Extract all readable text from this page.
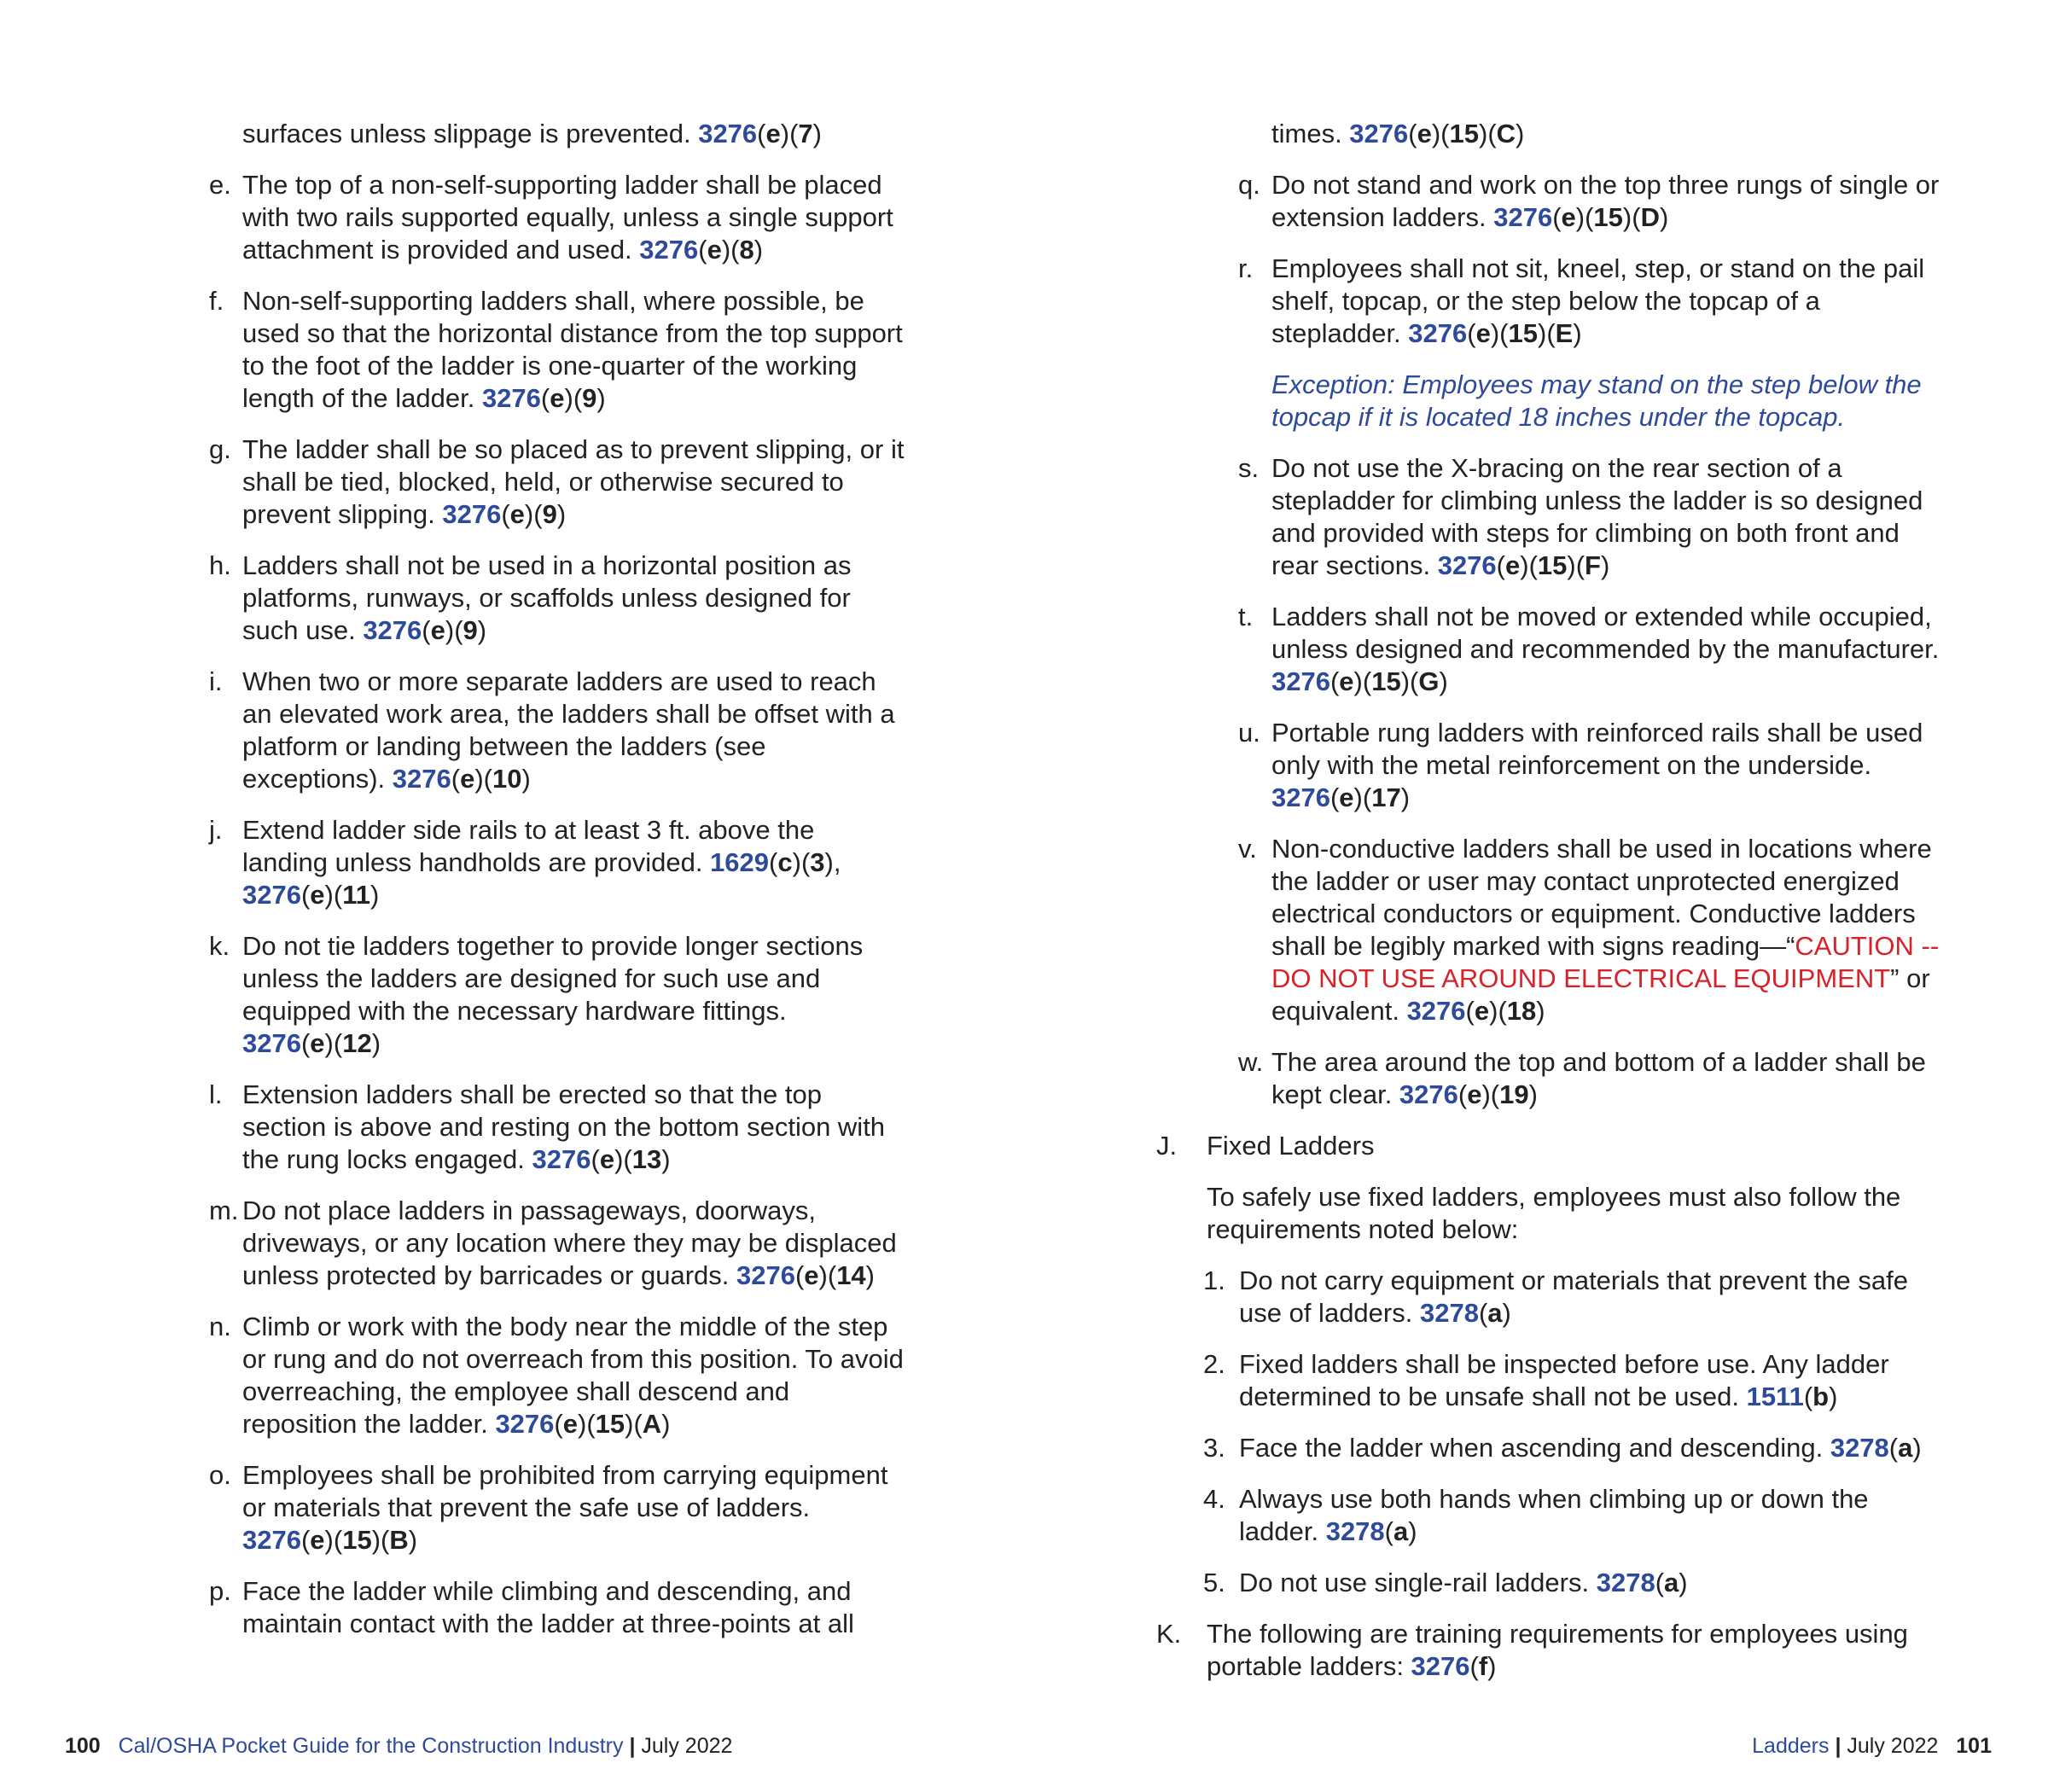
surfaces unless slippage is prevented. 3276(e)(7)
e. The top of a non-self-supporting ladder shall be placed with two rails supported equally, unless a single support attachment is provided and used. 3276(e)(8)
f. Non-self-supporting ladders shall, where possible, be used so that the horizontal distance from the top support to the foot of the ladder is one-quarter of the working length of the ladder. 3276(e)(9)
g. The ladder shall be so placed as to prevent slipping, or it shall be tied, blocked, held, or otherwise secured to prevent slipping. 3276(e)(9)
h. Ladders shall not be used in a horizontal position as platforms, runways, or scaffolds unless designed for such use. 3276(e)(9)
i. When two or more separate ladders are used to reach an elevated work area, the ladders shall be offset with a platform or landing between the ladders (see exceptions). 3276(e)(10)
j. Extend ladder side rails to at least 3 ft. above the landing unless handholds are provided. 1629(c)(3), 3276(e)(11)
k. Do not tie ladders together to provide longer sections unless the ladders are designed for such use and equipped with the necessary hardware fittings. 3276(e)(12)
l. Extension ladders shall be erected so that the top section is above and resting on the bottom section with the rung locks engaged. 3276(e)(13)
m. Do not place ladders in passageways, doorways, driveways, or any location where they may be displaced unless protected by barricades or guards. 3276(e)(14)
n. Climb or work with the body near the middle of the step or rung and do not overreach from this position. To avoid overreaching, the employee shall descend and reposition the ladder. 3276(e)(15)(A)
o. Employees shall be prohibited from carrying equipment or materials that prevent the safe use of ladders. 3276(e)(15)(B)
p. Face the ladder while climbing and descending, and maintain contact with the ladder at three-points at all
times. 3276(e)(15)(C)
q. Do not stand and work on the top three rungs of single or extension ladders. 3276(e)(15)(D)
r. Employees shall not sit, kneel, step, or stand on the pail shelf, topcap, or the step below the topcap of a stepladder. 3276(e)(15)(E)
Exception: Employees may stand on the step below the topcap if it is located 18 inches under the topcap.
s. Do not use the X-bracing on the rear section of a stepladder for climbing unless the ladder is so designed and provided with steps for climbing on both front and rear sections. 3276(e)(15)(F)
t. Ladders shall not be moved or extended while occupied, unless designed and recommended by the manufacturer. 3276(e)(15)(G)
u. Portable rung ladders with reinforced rails shall be used only with the metal reinforcement on the underside. 3276(e)(17)
v. Non-conductive ladders shall be used in locations where the ladder or user may contact unprotected energized electrical conductors or equipment. Conductive ladders shall be legibly marked with signs reading—“CAUTION -- DO NOT USE AROUND ELECTRICAL EQUIPMENT” or equivalent. 3276(e)(18)
w. The area around the top and bottom of a ladder shall be kept clear. 3276(e)(19)
J.	Fixed Ladders
To safely use fixed ladders, employees must also follow the requirements noted below:
1. Do not carry equipment or materials that prevent the safe use of ladders. 3278(a)
2. Fixed ladders shall be inspected before use. Any ladder determined to be unsafe shall not be used. 1511(b)
3. Face the ladder when ascending and descending. 3278(a)
4. Always use both hands when climbing up or down the ladder. 3278(a)
5. Do not use single-rail ladders. 3278(a)
K. The following are training requirements for employees using portable ladders: 3276(f)
100 Cal/OSHA Pocket Guide for the Construction Industry | July 2022	Ladders | July 2022 101
